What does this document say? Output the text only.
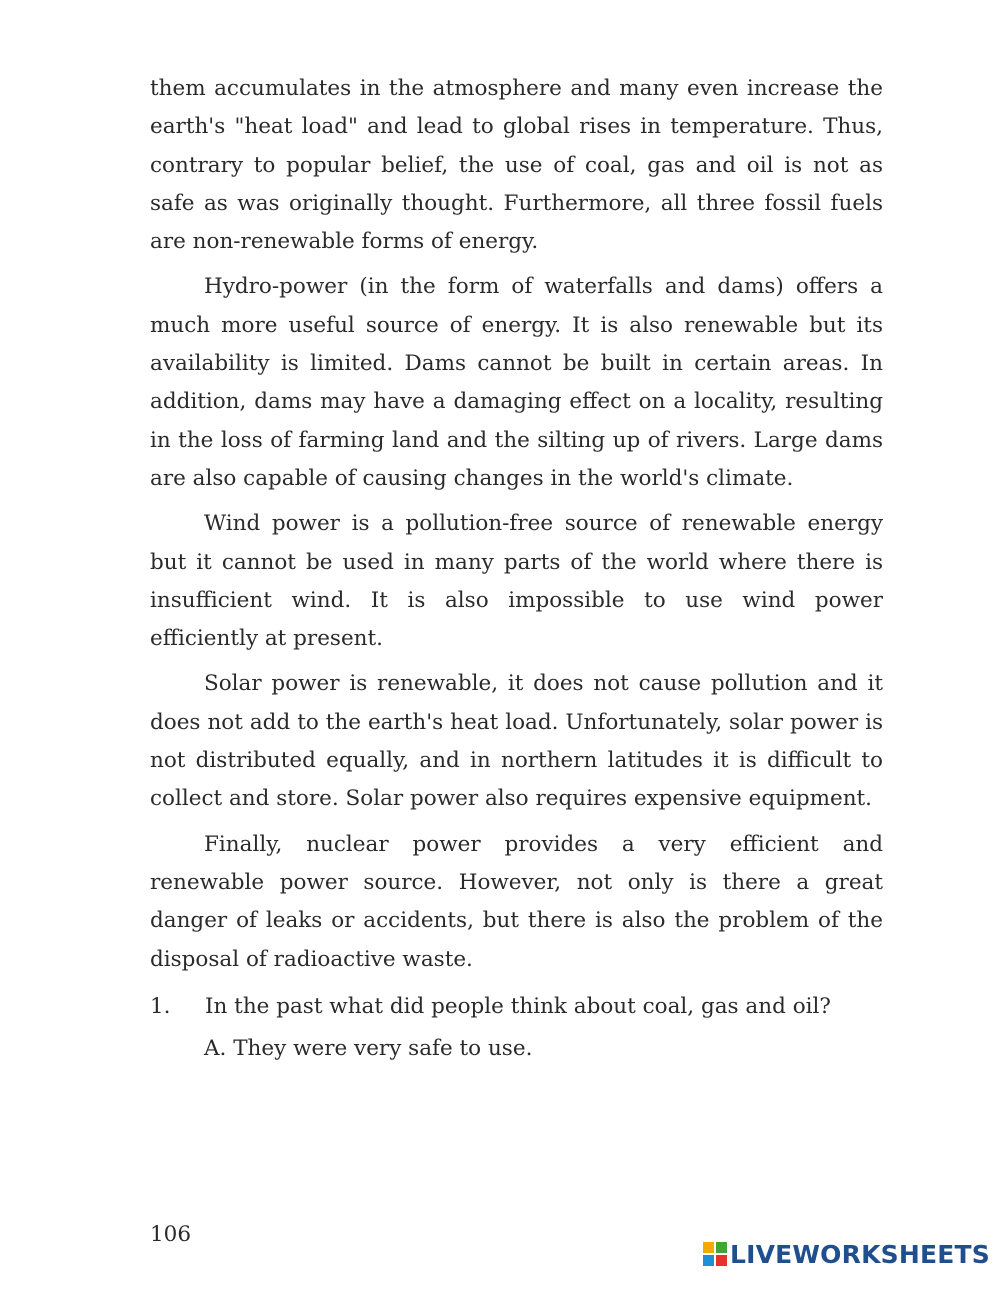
them accumulates in the atmosphere and many even increase the earth's "heat load" and lead to global rises in temperature. Thus, contrary to popular belief, the use of coal, gas and oil is not as safe as was originally thought. Furthermore, all three fossil fuels are non-renewable forms of energy.

Hydro-power (in the form of waterfalls and dams) offers a much more useful source of energy. It is also renewable but its availability is limited. Dams cannot be built in certain areas. In addition, dams may have a damaging effect on a locality, resulting in the loss of farming land and the silting up of rivers. Large dams are also capable of causing changes in the world's climate.

Wind power is a pollution-free source of renewable energy but it cannot be used in many parts of the world where there is insufficient wind. It is also impossible to use wind power efficiently at present.

Solar power is renewable, it does not cause pollution and it does not add to the earth's heat load. Unfortunately, solar power is not distributed equally, and in northern latitudes it is difficult to collect and store. Solar power also requires expensive equipment.

Finally, nuclear power provides a very efficient and renewable power source. However, not only is there a great danger of leaks or accidents, but there is also the problem of the disposal of radioactive waste.

1. In the past what did people think about coal, gas and oil?
A. They were very safe to use.
106
LIVEWORKSHEETS
